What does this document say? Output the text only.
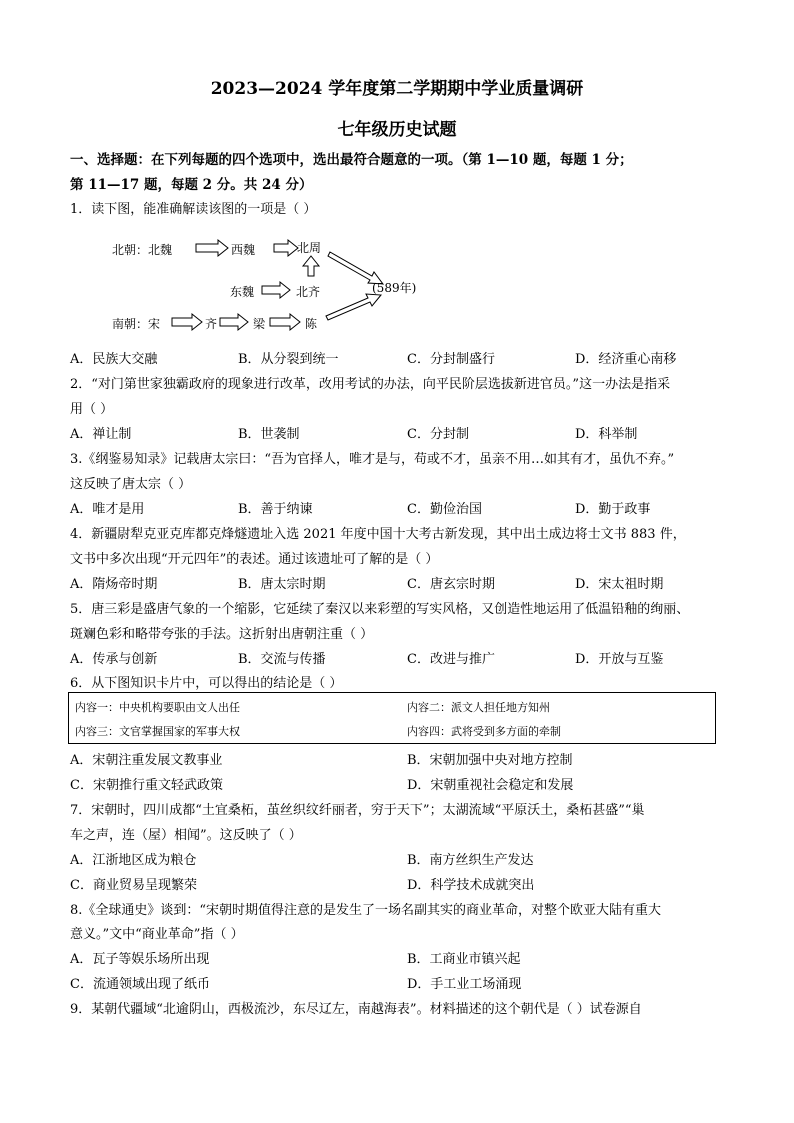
2023—2024 学年度第二学期期中学业质量调研
七年级历史试题
一、选择题：在下列每题的四个选项中，选出最符合题意的一项。（第 1—10 题，每题 1 分；
第 11—17 题，每题 2 分。共 24 分）
1．读下图，能准确解读该图的一项是（ ）
北朝：北魏	西魏	北周
东魏	北齐	(589年)
南朝：宋	齐	梁	陈
A．民族大交融	B．从分裂到统一	C．分封制盛行	D．经济重心南移
2．“对门第世家独霸政府的现象进行改革，改用考试的办法，向平民阶层选拔新进官员。”这一办法是指采
用（ ）
A．禅让制	B．世袭制	C．分封制	D．科举制
3.《纲鉴易知录》记载唐太宗曰：“吾为官择人，唯才是与，苟或不才，虽亲不用…如其有才，虽仇不弃。”
这反映了唐太宗（ ）
A．唯才是用	B．善于纳谏	C．勤俭治国	D．勤于政事
4．新疆尉犁克亚克库都克烽燧遗址入选 2021 年度中国十大考古新发现，其中出土成边将士文书 883 件，
文书中多次出现“开元四年”的表述。通过该遗址可了解的是（ ）
A．隋炀帝时期	B．唐太宗时期	C．唐玄宗时期	D．宋太祖时期
5．唐三彩是盛唐气象的一个缩影，它延续了秦汉以来彩塑的写实风格，又创造性地运用了低温铅釉的绚丽、
斑斓色彩和略带夸张的手法。这折射出唐朝注重（ ）
A．传承与创新	B．交流与传播	C．改进与推广	D．开放与互鉴
6．从下图知识卡片中，可以得出的结论是（ ）
内容一：中央机构要职由文人出任	内容二：派文人担任地方知州
内容三：文官掌握国家的军事大权	内容四：武将受到多方面的牵制
A．宋朝注重发展文教事业	B．宋朝加强中央对地方控制
C．宋朝推行重文轻武政策	D．宋朝重视社会稳定和发展
7．宋朝时，四川成都“土宜桑柘，茧丝织纹纤丽者，穷于天下”；太湖流域“平原沃土，桑柘甚盛”“巢
车之声，连（屋）相闻”。这反映了（ ）
A．江浙地区成为粮仓	B．南方丝织生产发达
C．商业贸易呈现繁荣	D．科学技术成就突出
8.《全球通史》谈到：“宋朝时期值得注意的是发生了一场名副其实的商业革命，对整个欧亚大陆有重大
意义。”文中“商业革命”指（ ）
A．瓦子等娱乐场所出现	B．工商业市镇兴起
C．流通领域出现了纸币	D．手工业工场涌现
9．某朝代疆域“北逾阴山，西极流沙，东尽辽左，南越海表”。材料描述的这个朝代是（ ）试卷源自
